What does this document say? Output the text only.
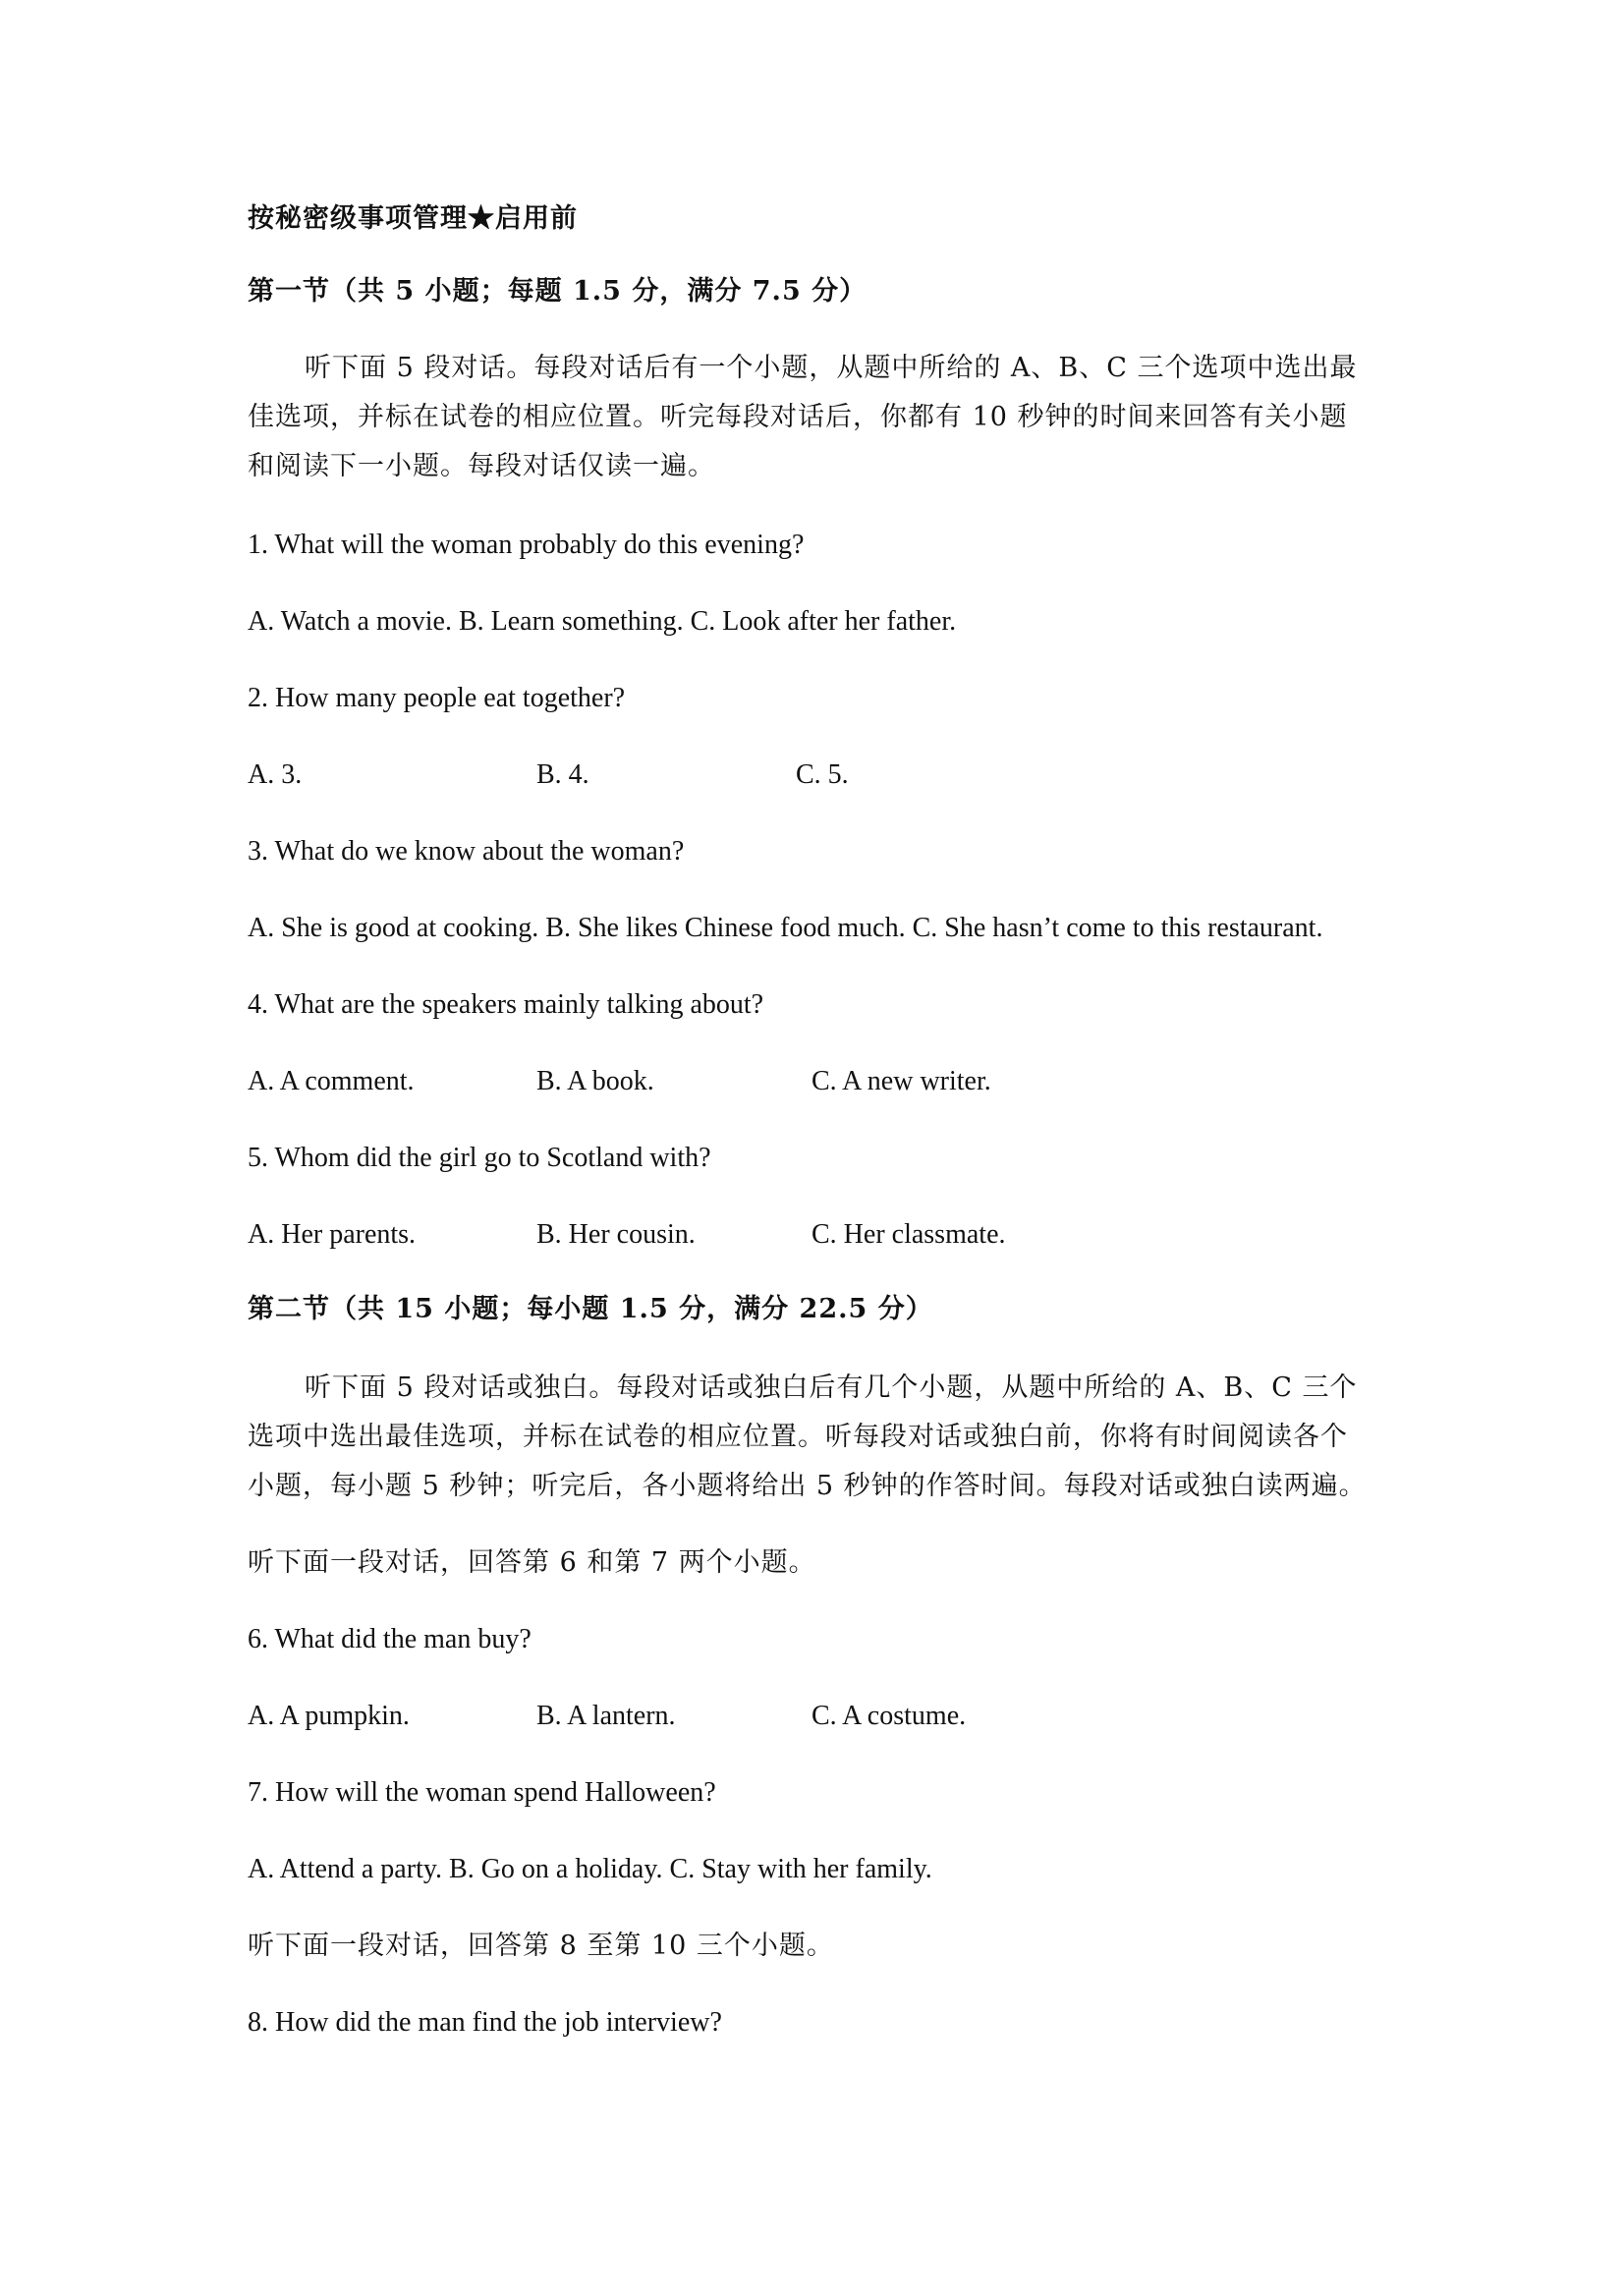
按秘密级事项管理★启用前
第一节（共 5 小题；每题 1.5 分，满分 7.5 分）
听下面 5 段对话。每段对话后有一个小题，从题中所给的 A、B、C 三个选项中选出最
佳选项，并标在试卷的相应位置。听完每段对话后，你都有 10 秒钟的时间来回答有关小题
和阅读下一小题。每段对话仅读一遍。
1. What will the woman probably do this evening?
A. Watch a movie. B. Learn something. C. Look after her father.
2. How many people eat together?
A. 3.	B. 4.	C. 5.
3. What do we know about the woman?
A. She is good at cooking. B. She likes Chinese food much. C. She hasn’t come to this restaurant.
4. What are the speakers mainly talking about?
A. A comment.	B. A book.	C. A new writer.
5. Whom did the girl go to Scotland with?
A. Her parents.	B. Her cousin.	C. Her classmate.
第二节（共 15 小题；每小题 1.5 分，满分 22.5 分）
听下面 5 段对话或独白。每段对话或独白后有几个小题，从题中所给的 A、B、C 三个
选项中选出最佳选项，并标在试卷的相应位置。听每段对话或独白前，你将有时间阅读各个
小题，每小题 5 秒钟；听完后，各小题将给出 5 秒钟的作答时间。每段对话或独白读两遍。
听下面一段对话，回答第 6 和第 7 两个小题。
6. What did the man buy?
A. A pumpkin.	B. A lantern.	C. A costume.
7. How will the woman spend Halloween?
A. Attend a party. B. Go on a holiday. C. Stay with her family.
听下面一段对话，回答第 8 至第 10 三个小题。
8. How did the man find the job interview?
